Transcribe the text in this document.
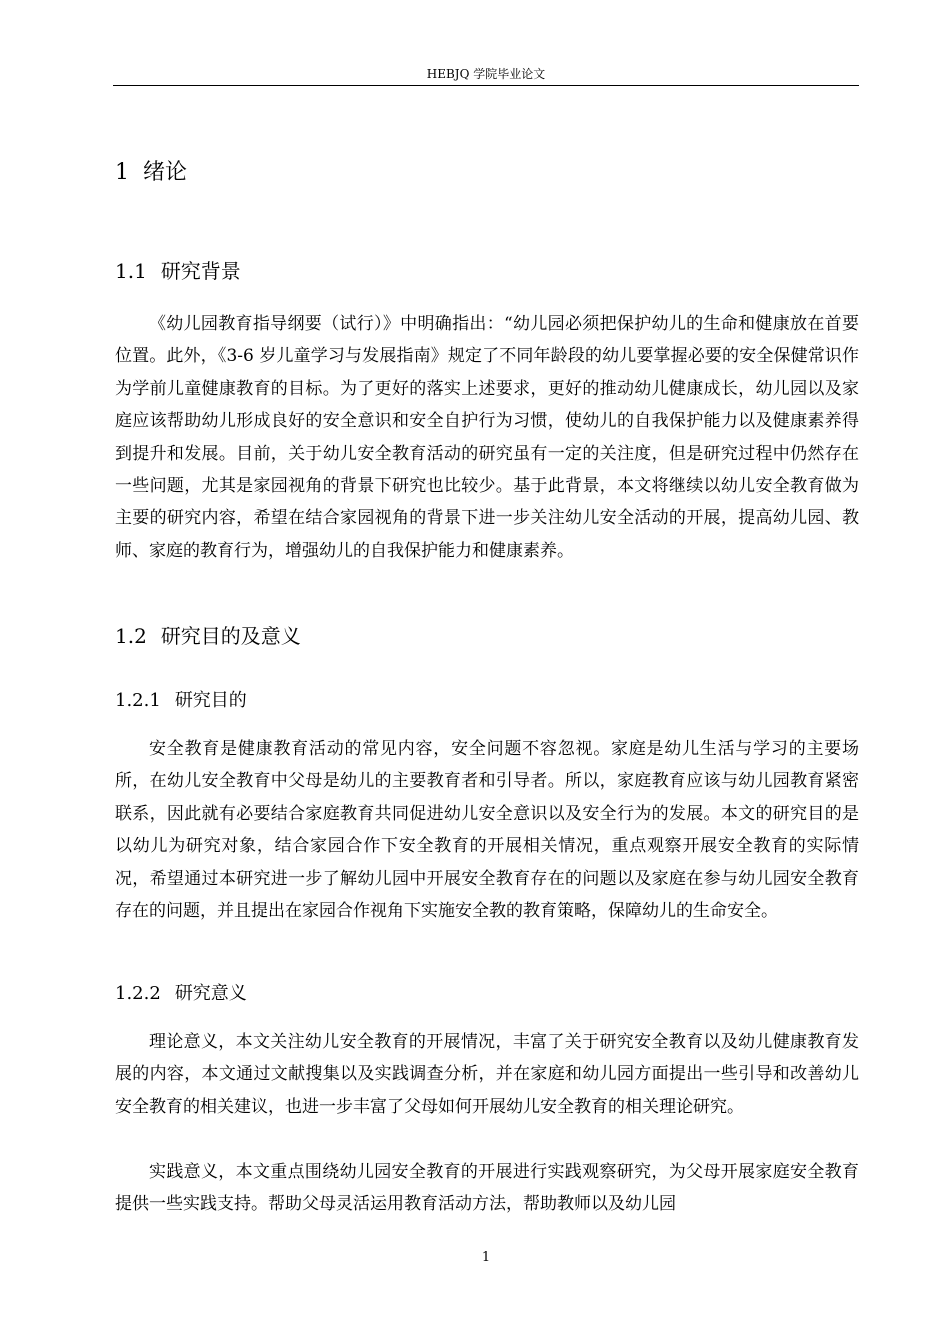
HEBJQ 学院毕业论文
1 绪论
1.1 研究背景

《幼儿园教育指导纲要（试行）》中明确指出：“幼儿园必须把保护幼儿的生命和健康放在首要位置。此外，《3-6 岁儿童学习与发展指南》规定了不同年龄段的幼儿要掌握必要的安全保健常识作为学前儿童健康教育的目标。为了更好的落实上述要求，更好的推动幼儿健康成长，幼儿园以及家庭应该帮助幼儿形成良好的安全意识和安全自护行为习惯，使幼儿的自我保护能力以及健康素养得到提升和发展。目前，关于幼儿安全教育活动的研究虽有一定的关注度，但是研究过程中仍然存在一些问题，尤其是家园视角的背景下研究也比较少。基于此背景，本文将继续以幼儿安全教育做为主要的研究内容，希望在结合家园视角的背景下进一步关注幼儿安全活动的开展，提高幼儿园、教师、家庭的教育行为，增强幼儿的自我保护能力和健康素养。

1.2 研究目的及意义
1.2.1 研究目的

安全教育是健康教育活动的常见内容，安全问题不容忽视。家庭是幼儿生活与学习的主要场所，在幼儿安全教育中父母是幼儿的主要教育者和引导者。所以，家庭教育应该与幼儿园教育紧密联系，因此就有必要结合家庭教育共同促进幼儿安全意识以及安全行为的发展。本文的研究目的是以幼儿为研究对象，结合家园合作下安全教育的开展相关情况，重点观察开展安全教育的实际情况，希望通过本研究进一步了解幼儿园中开展安全教育存在的问题以及家庭在参与幼儿园安全教育存在的问题，并且提出在家园合作视角下实施安全教的教育策略，保障幼儿的生命安全。

1.2.2 研究意义

理论意义，本文关注幼儿安全教育的开展情况，丰富了关于研究安全教育以及幼儿健康教育发展的内容，本文通过文献搜集以及实践调查分析，并在家庭和幼儿园方面提出一些引导和改善幼儿安全教育的相关建议，也进一步丰富了父母如何开展幼儿安全教育的相关理论研究。

实践意义，本文重点围绕幼儿园安全教育的开展进行实践观察研究，为父母开展家庭安全教育提供一些实践支持。帮助父母灵活运用教育活动方法，帮助教师以及幼儿园

1
